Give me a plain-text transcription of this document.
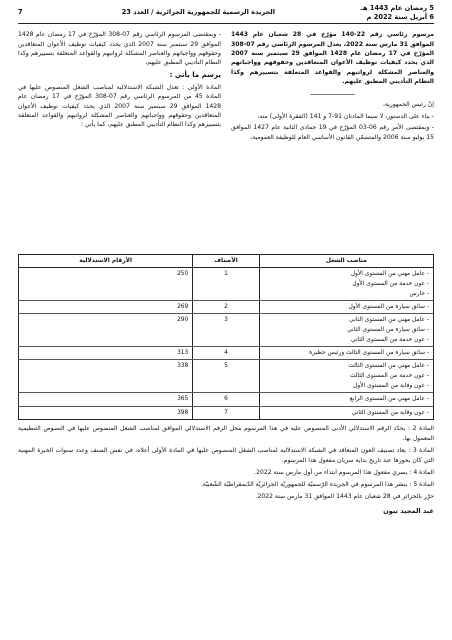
5 رمضان عام 1443 هـ
6 أبريل سنة 2022 م
الجريدة الرسمية للجمهورية الجزائرية / العدد 23
7

مرسوم رئاسي رقم 22-140 مؤرّخ في 28 شعبان عام 1443 الموافق 31 مارس سنة 2022، يعدل المرسوم الرئاسي رقم 07-308 المؤرّخ في 17 رمضان عام 1428 الموافق 29 سبتمبر سنة 2007 الذي يحدد كيفيات توظيف الأعوان المتعاقدين وحقوقهم وواجباتهم والعناصر المشكلة لرواتبهم والقواعد المتعلقة بتسييرهم وكذا النظام التأديبي المطبق عليهم.

ـــــــــــــــــــــــــ

إنّ رئيس الجمهورية،

- بناء على الدستور، لا سيما المادتان 91-7 و 141 (الفقرة الأولى) منه،

- وبمقتضى الأمر رقم 06-03 المؤرّخ في 19 جمادى الثانية عام 1427 الموافق 15 يوليو سنة 2006 والمتضمّن القانون الأساسي العام للوظيفة العمومية،

- وبمقتضى المرسوم الرئاسي رقم 07-308 المؤرّخ في 17 رمضان عام 1428 الموافق 29 سبتمبر سنة 2007 الذي يحدد كيفيات توظيف الأعوان المتعاقدين وحقوقهم وواجباتهم والعناصر المشكلة لرواتبهم والقواعد المتعلقة بتسييرهم وكذا النظام التأديبي المطبق عليهم،

يرسم ما يأتي :

المادة الأولى : تعدل الشبكة الاستدلالية لمناصب الشغل المنصوص عليها في المادة 45 من المرسوم الرئاسي رقم 07-308 المؤرّخ في 17 رمضان عام 1428 الموافق 29 سبتمبر سنة 2007 الذي يحدد كيفيات توظيف الأعوان المتعاقدين وحقوقهم وواجباتهم والعناصر المشكلة لرواتبهم والقواعد المتعلقة بتسييرهم وكذا النظام التأديبي المطبق عليهم، كما يأتي :

مناصب الشغل	الأصناف	الأرقام الاستدلالية

- عامل مهني من المستوى الأول
- عون خدمة من المستوى الأول
- حارس	1	250

- سائق سيارة من المستوى الأول	2	269

- عامل مهني من المستوى الثاني
- سائق سيارة من المستوى الثاني
- عون خدمة من المستوى الثاني	3	290

- سائق سيارة من المستوى الثالث ورئيس حظيرة	4	313

- عامل مهني من المستوى الثالث
- عون خدمة من المستوى الثالث
- عون وقاية من المستوى الأول	5	338

- عامل مهني من المستوى الرابع	6	365

- عون وقاية من المستوى الثاني	7	398

المادة 2 : يحدّد الرقم الاستدلالي الأدنى المنصوص عليه في هذا المرسوم محل الرقم الاستدلالي الموافق لمناصب الشغل المنصوص عليها في النصوص التنظيمية المعمول بها.

المادة 3 : يعاد تصنيف العون المتعاقد في الشبكة الاستدلالية لمناصب الشغل المنصوص عليها في المادة الأولى أعلاه، في نفس الصنف وعدد سنوات الخبرة المهنية التي كان يحوزها عند تاريخ بداية سريان مفعول هذا المرسوم.

المادة 4 : يسري مفعول هذا المرسوم ابتداء من أول مارس سنة 2022.

المادة 5 : ينشر هذا المرسوم في الجريدة الرّسميّة للجمهوريّة الجزائريّة الدّيمقراطيّة الشّعبيّة.

حرّر بالجزائر في 28 شعبان عام 1443 الموافق 31 مارس سنة 2022.

عبد المجيد تبون
